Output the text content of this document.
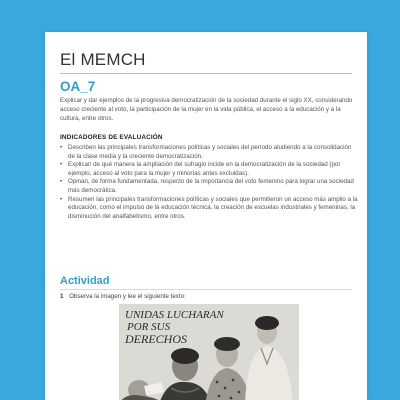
El MEMCH
OA_7
Explicar y dar ejemplos de la progresiva democratización de la sociedad durante el siglo XX, considerando acceso creciente al voto, la participación de la mujer en la vida pública, el acceso a la educación y a la cultura, entre otros.
INDICADORES DE EVALUACIÓN
• Describen las principales transformaciones políticas y sociales del período aludiendo a la consolidación de la clase media y la creciente democratización.
• Explican de qué manera la ampliación del sufragio incide en la democratización de la sociedad (por ejemplo, acceso al voto para la mujer y minorías antes excluidas).
• Opinan, de forma fundamentada, respecto de la importancia del voto femenino para lograr una sociedad más democrática.
• Resumen las principales transformaciones políticas y sociales que permitieron un acceso más amplio a la educación, como el impulso de la educación técnica, la creación de escuelas industriales y femeninas, la disminución del analfabetismo, entre otros.
Actividad
1 Observa la imagen y lee el siguiente texto:
UNIDAS LUCHARAN
POR SUS
DERECHOS
